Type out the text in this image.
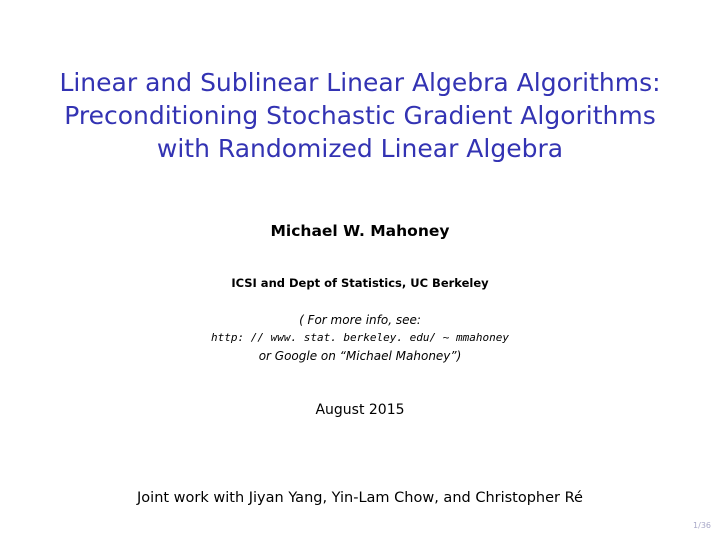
Linear and Sublinear Linear Algebra Algorithms:
Preconditioning Stochastic Gradient Algorithms
with Randomized Linear Algebra
Michael W. Mahoney
ICSI and Dept of Statistics, UC Berkeley
( For more info, see:
http: // www. stat. berkeley. edu/ ~ mmahoney
or Google on “Michael Mahoney”)
August 2015
Joint work with Jiyan Yang, Yin-Lam Chow, and Christopher Ré
1/36
